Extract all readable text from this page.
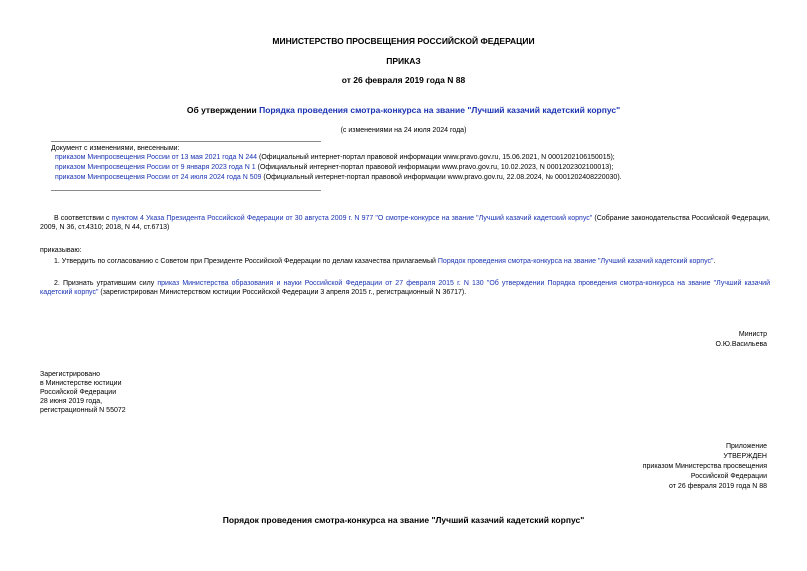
МИНИСТЕРСТВО ПРОСВЕЩЕНИЯ РОССИЙСКОЙ ФЕДЕРАЦИИ
ПРИКАЗ
от 26 февраля 2019 года N 88
Об утверждении Порядка проведения смотра-конкурса на звание "Лучший казачий кадетский корпус"
(с изменениями на 24 июля 2024 года)
Документ с изменениями, внесенными:
приказом Минпросвещения России от 13 мая 2021 года N 244 (Официальный интернет-портал правовой информации www.pravo.gov.ru, 15.06.2021, N 0001202106150015);
приказом Минпросвещения России от 9 января 2023 года N 1 (Официальный интернет-портал правовой информации www.pravo.gov.ru, 10.02.2023, N 0001202302100013);
приказом Минпросвещения России от 24 июля 2024 года N 509 (Официальный интернет-портал правовой информации www.pravo.gov.ru, 22.08.2024, № 0001202408220030).
В соответствии с пунктом 4 Указа Президента Российской Федерации от 30 августа 2009 г. N 977 "О смотре-конкурсе на звание "Лучший казачий кадетский корпус" (Собрание законодательства Российской Федерации, 2009, N 36, ст.4310; 2018, N 44, ст.6713)
приказываю:
1. Утвердить по согласованию с Советом при Президенте Российской Федерации по делам казачества прилагаемый Порядок проведения смотра-конкурса на звание "Лучший казачий кадетский корпус".
2. Признать утратившим силу приказ Министерства образования и науки Российской Федерации от 27 февраля 2015 г. N 130 "Об утверждении Порядка проведения смотра-конкурса на звание "Лучший казачий кадетский корпус" (зарегистрирован Министерством юстиции Российской Федерации 3 апреля 2015 г., регистрационный N 36717).
Министр
О.Ю.Васильева
Зарегистрировано
в Министерстве юстиции
Российской Федерации
28 июня 2019 года,
регистрационный N 55072
Приложение
УТВЕРЖДЕН
приказом Министерства просвещения
Российской Федерации
от 26 февраля 2019 года N 88
Порядок проведения смотра-конкурса на звание "Лучший казачий кадетский корпус"
